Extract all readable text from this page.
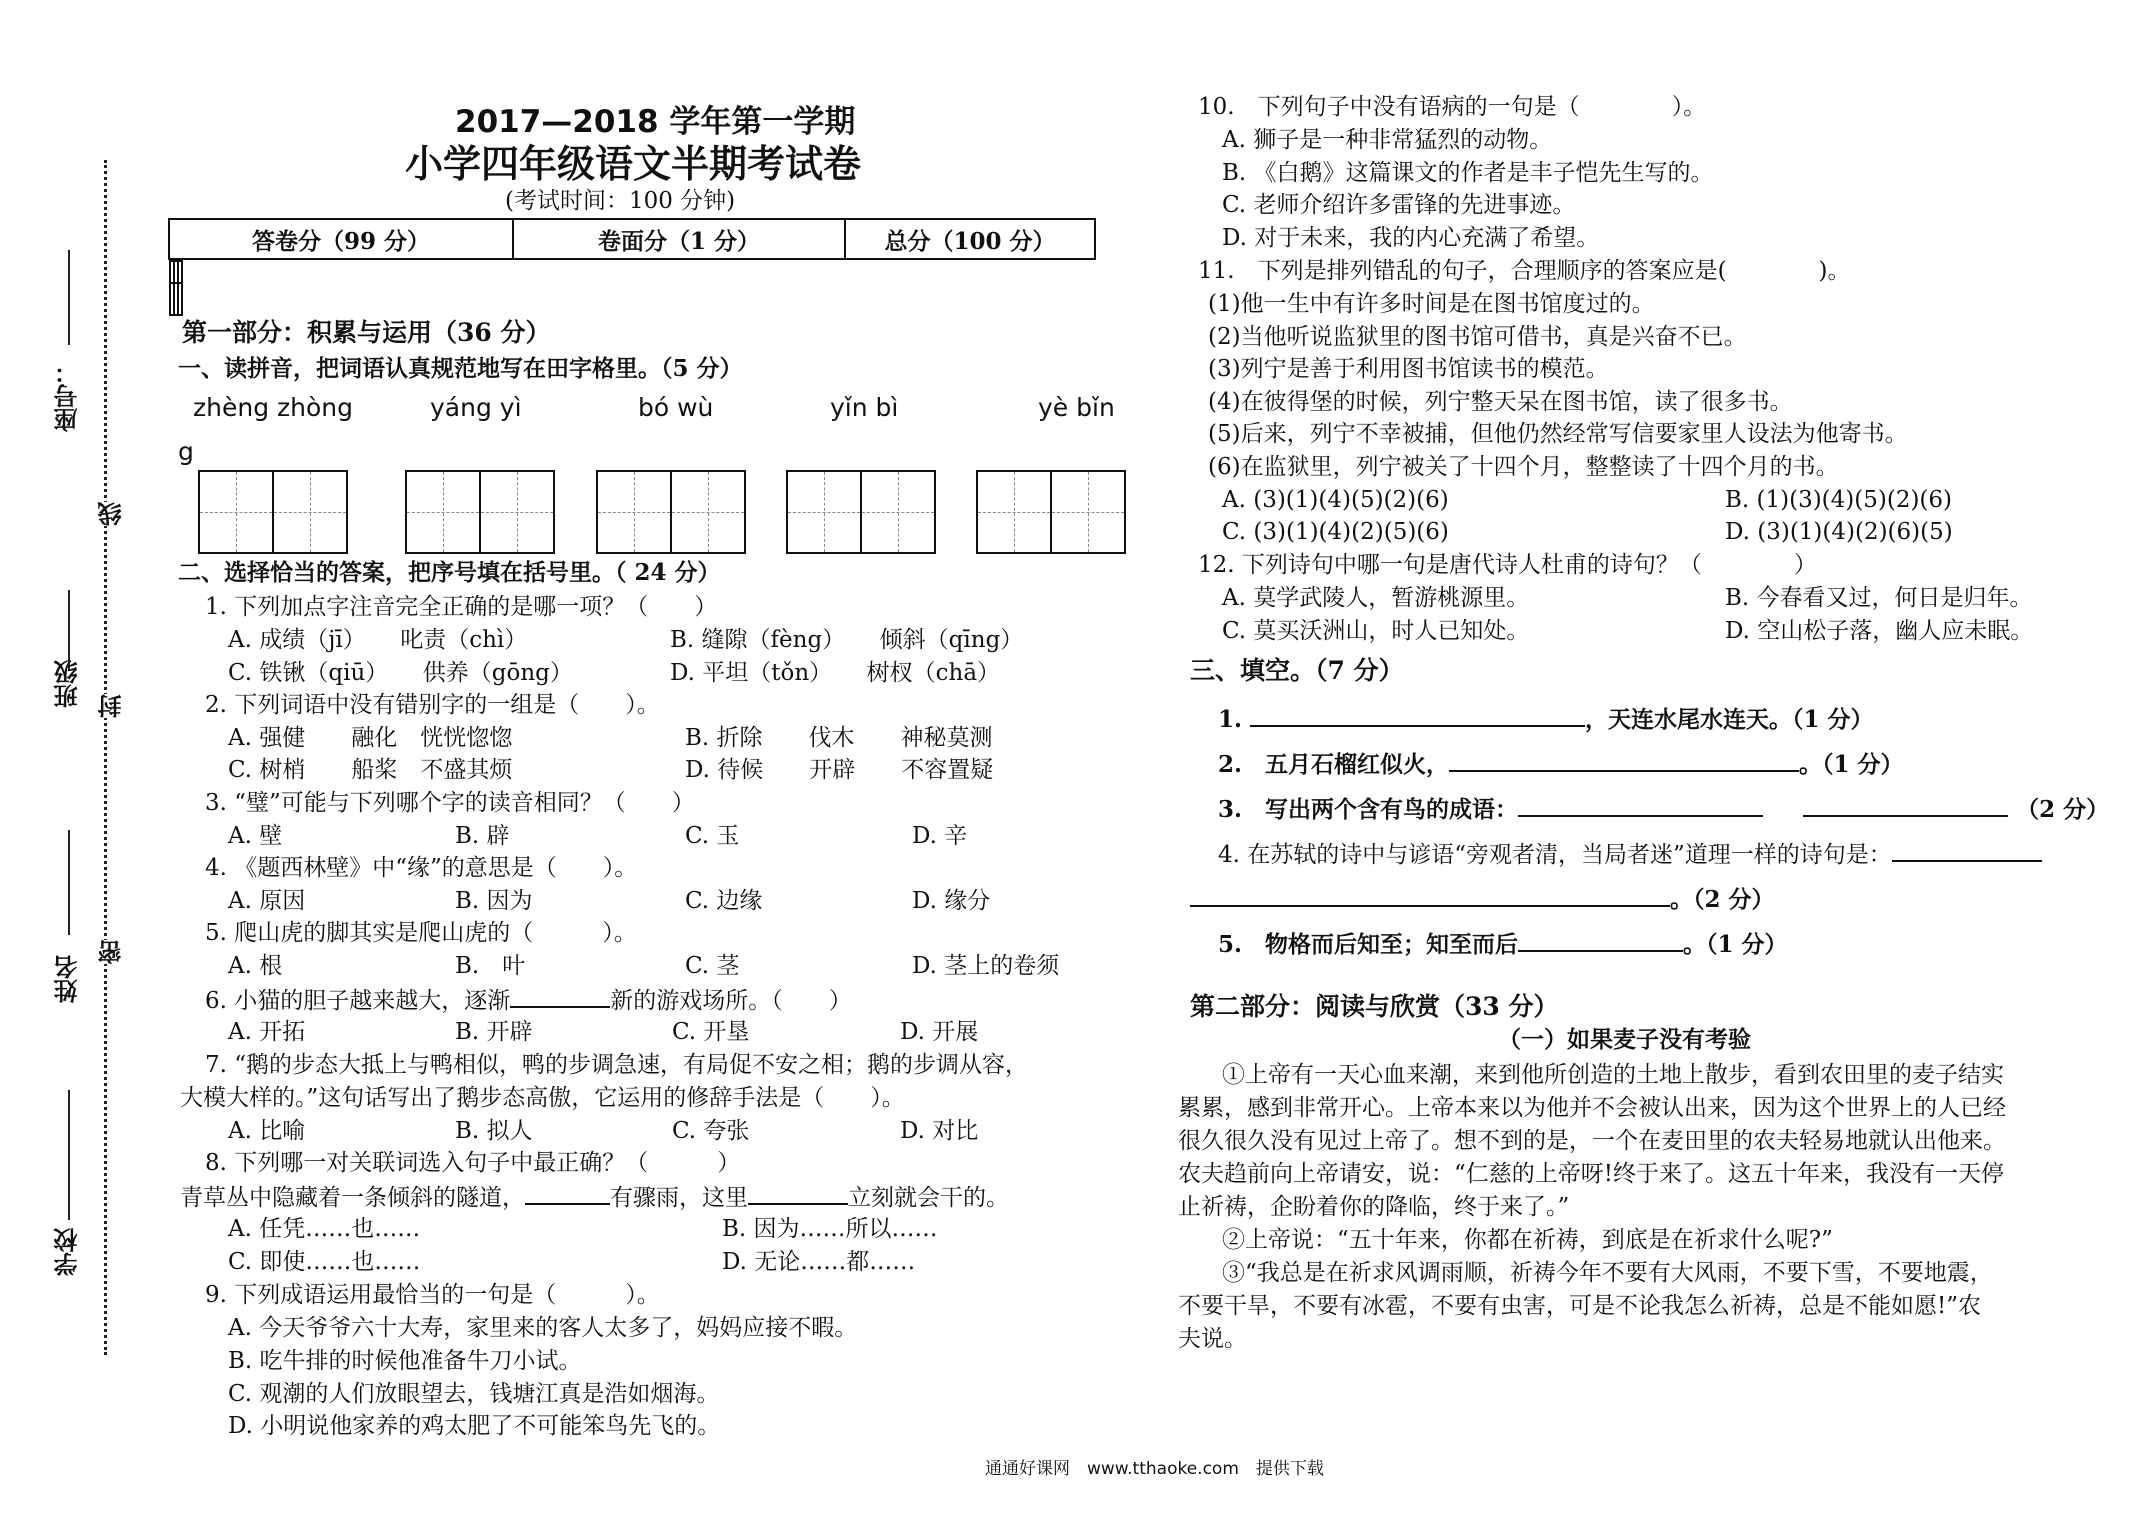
座号：
线
班级 封
姓名
密
学校
2017—2018 学年第一学期
小学四年级语文半期考试卷
(考试时间：100 分钟)
答卷分（99 分）	卷面分（1 分）	总分（100 分）

第一部分：积累与运用（36 分）
一、读拼音，把词语认真规范地写在田字格里。（5 分）
zhèng zhòng	yáng yì	bó wù	yǐn bì	yè bǐn
g
二、选择恰当的答案，把序号填在括号里。（ 24 分）
1. 下列加点字注音完全正确的是哪一项？（　　）
A. 成绩（jī）　　叱责（chì）	B. 缝隙（fèng）　　倾斜（qīng）
C. 铁锹（qiū）　　供养（gōng）	D. 平坦（tǒn）　　树杈（chā）
2. 下列词语中没有错别字的一组是（　　）。
A. 强健　　融化　恍恍惚惚	B. 折除　　伐木　　神秘莫测
C. 树梢　　船桨　不盛其烦	D. 待候　　开辟　　不容置疑
3. “璧”可能与下列哪个字的读音相同？（　　）
A. 壁	B. 辟	C. 玉	D. 辛
4. 《题西林壁》中“缘”的意思是（　　）。
A. 原因	B. 因为	C. 边缘	D. 缘分
5. 爬山虎的脚其实是爬山虎的（　　　）。
A. 根	B.　叶	C. 茎	D. 茎上的卷须
6. 小猫的胆子越来越大，逐渐	新的游戏场所。（　　）
A. 开拓	B. 开辟	C. 开垦	D. 开展
7. “鹅的步态大抵上与鸭相似，鸭的步调急速，有局促不安之相；鹅的步调从容，
大模大样的。”这句话写出了鹅步态高傲，它运用的修辞手法是（　　）。
A. 比喻	B. 拟人	C. 夸张	D. 对比
8. 下列哪一对关联词选入句子中最正确？（　　　）
青草丛中隐藏着一条倾斜的隧道，	有骤雨，这里	立刻就会干的。
A. 任凭……也……	B. 因为……所以……
C. 即使……也……	D. 无论……都……
9. 下列成语运用最恰当的一句是（　　　）。
A. 今天爷爷六十大寿，家里来的客人太多了，妈妈应接不暇。
B. 吃牛排的时候他准备牛刀小试。
C. 观潮的人们放眼望去，钱塘江真是浩如烟海。
D. 小明说他家养的鸡太肥了不可能笨鸟先飞的。
10.　下列句子中没有语病的一句是（　　　　）。
A. 狮子是一种非常猛烈的动物。
B. 《白鹅》这篇课文的作者是丰子恺先生写的。
C. 老师介绍许多雷锋的先进事迹。
D. 对于未来，我的内心充满了希望。
11.　下列是排列错乱的句子，合理顺序的答案应是(　　　　)。
(1)他一生中有许多时间是在图书馆度过的。
(2)当他听说监狱里的图书馆可借书，真是兴奋不已。
(3)列宁是善于利用图书馆读书的模范。
(4)在彼得堡的时候，列宁整天呆在图书馆，读了很多书。
(5)后来，列宁不幸被捕，但他仍然经常写信要家里人设法为他寄书。
(6)在监狱里，列宁被关了十四个月，整整读了十四个月的书。
A. (3)(1)(4)(5)(2)(6)	B. (1)(3)(4)(5)(2)(6)
C. (3)(1)(4)(2)(5)(6)	D. (3)(1)(4)(2)(6)(5)
12. 下列诗句中哪一句是唐代诗人杜甫的诗句？（　　　　）
A. 莫学武陵人，暂游桃源里。	B. 今春看又过，何日是归年。
C. 莫买沃洲山，时人已知处。	D. 空山松子落，幽人应未眠。
三、填空。（7 分）
1.	，天连水尾水连天。（1 分）
2.　五月石榴红似火，	。（1 分）
3.　写出两个含有鸟的成语：	（2 分）
4. 在苏轼的诗中与谚语“旁观者清，当局者迷”道理一样的诗句是：
。（2 分）
5.　物格而后知至；知至而后	。（1 分）
第二部分：阅读与欣赏（33 分）
（一）如果麦子没有考验
①上帝有一天心血来潮，来到他所创造的土地上散步，看到农田里的麦子结实
累累，感到非常开心。上帝本来以为他并不会被认出来，因为这个世界上的人已经
很久很久没有见过上帝了。想不到的是，一个在麦田里的农夫轻易地就认出他来。
农夫趋前向上帝请安，说：“仁慈的上帝呀!终于来了。这五十年来，我没有一天停
止祈祷，企盼着你的降临，终于来了。”
②上帝说：“五十年来，你都在祈祷，到底是在祈求什么呢?”
③“我总是在祈求风调雨顺，祈祷今年不要有大风雨，不要下雪，不要地震，
不要干旱，不要有冰雹，不要有虫害，可是不论我怎么祈祷，总是不能如愿!”农
夫说。
通通好课网　www.tthaoke.com　提供下载
